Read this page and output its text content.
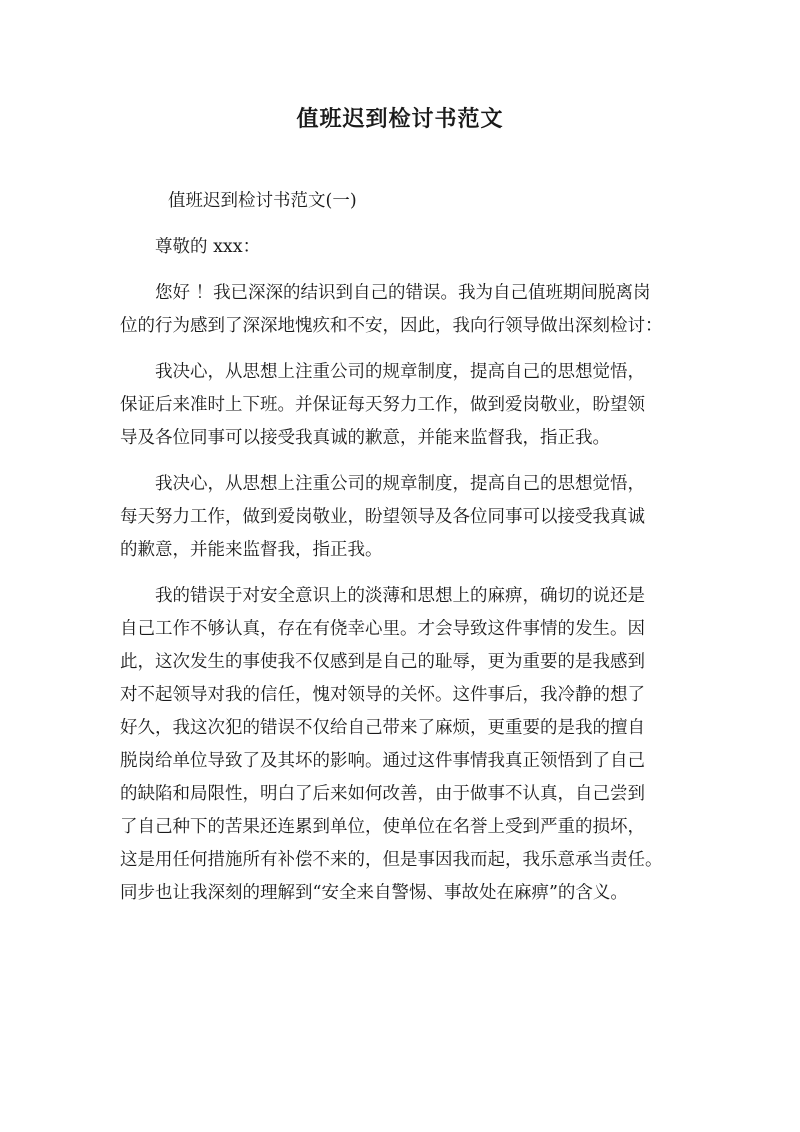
值班迟到检讨书范文

值班迟到检讨书范文(一)

尊敬的 xxx：

您好 ！我已深深的结识到自己的错误。我为自己值班期间脱离岗
位的行为感到了深深地愧疚和不安，因此，我向行领导做出深刻检讨：
我决心，从思想上注重公司的规章制度，提高自己的思想觉悟，
保证后来准时上下班。并保证每天努力工作，做到爱岗敬业，盼望领
导及各位同事可以接受我真诚的歉意，并能来监督我，指正我。
我决心，从思想上注重公司的规章制度，提高自己的思想觉悟，
每天努力工作，做到爱岗敬业，盼望领导及各位同事可以接受我真诚
的歉意，并能来监督我，指正我。
我的错误于对安全意识上的淡薄和思想上的麻痹，确切的说还是
自己工作不够认真，存在有侥幸心里。才会导致这件事情的发生。因
此，这次发生的事使我不仅感到是自己的耻辱，更为重要的是我感到
对不起领导对我的信任，愧对领导的关怀。这件事后，我冷静的想了
好久，我这次犯的错误不仅给自己带来了麻烦，更重要的是我的擅自
脱岗给单位导致了及其坏的影响。通过这件事情我真正领悟到了自己
的缺陷和局限性，明白了后来如何改善，由于做事不认真，自己尝到
了自己种下的苦果还连累到单位，使单位在名誉上受到严重的损坏，
这是用任何措施所有补偿不来的，但是事因我而起，我乐意承当责任。
同步也让我深刻的理解到“安全来自警惕、事故处在麻痹”的含义。
